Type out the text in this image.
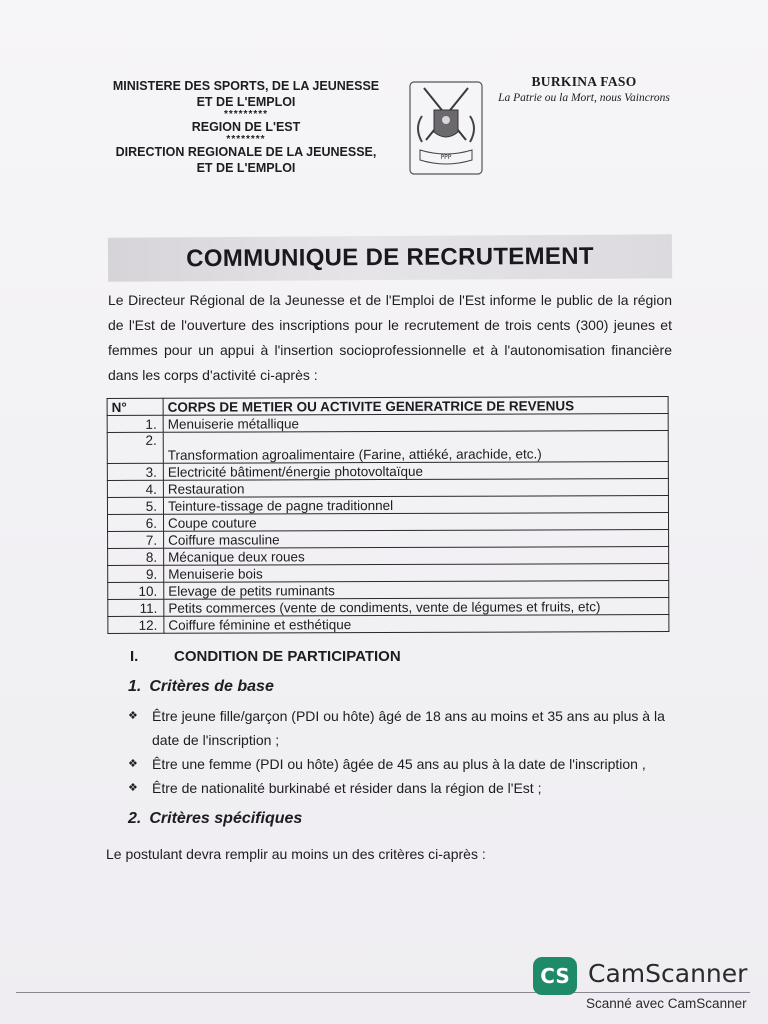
MINISTERE DES SPORTS, DE LA JEUNESSE
ET DE L'EMPLOI
*********
REGION DE L'EST
********
DIRECTION REGIONALE DE LA JEUNESSE,
ET DE L'EMPLOI
PPP
BURKINA FASO
La Patrie ou la Mort, nous Vaincrons
COMMUNIQUE DE RECRUTEMENT
Le Directeur Régional de la Jeunesse et de l'Emploi de l'Est informe le public de la région de l'Est de l'ouverture des inscriptions pour le recrutement de trois cents (300) jeunes et femmes pour un appui à l'insertion socioprofessionnelle et à l'autonomisation financière dans les corps d'activité ci-après :
N°	CORPS DE METIER OU ACTIVITE GENERATRICE DE REVENUS
1.	Menuiserie métallique
2.	Transformation agroalimentaire (Farine, attiéké, arachide, etc.)
3.	Electricité bâtiment/énergie photovoltaïque
4.	Restauration
5.	Teinture-tissage de pagne traditionnel
6.	Coupe couture
7.	Coiffure masculine
8.	Mécanique deux roues
9.	Menuiserie bois
10.	Elevage de petits ruminants
11.	Petits commerces (vente de condiments, vente de légumes et fruits, etc)
12.	Coiffure féminine et esthétique
I. CONDITION DE PARTICIPATION
1. Critères de base
❖	Être jeune fille/garçon (PDI ou hôte) âgé de 18 ans au moins et 35 ans au plus à la date de l'inscription ;
❖	Être une femme (PDI ou hôte) âgée de 45 ans au plus à la date de l'inscription ,
❖	Être de nationalité burkinabé et résider dans la région de l'Est ;
2. Critères spécifiques
Le postulant devra remplir au moins un des critères ci-après :
CS CamScanner
Scanné avec CamScanner
